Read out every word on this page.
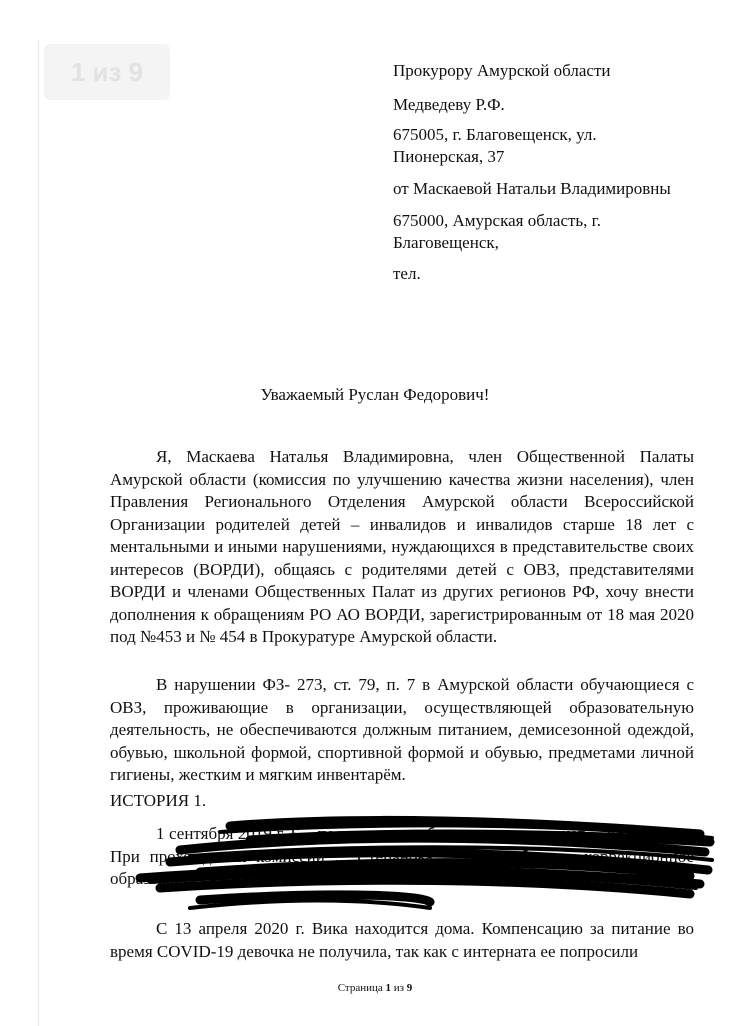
1 из 9	Прокурору Амурской области
Медведеву Р.Ф.
675005, г. Благовещенск, ул.
Пионерская, 37
от Маскаевой Натальи Владимировны
675000, Амурская область, г.
Благовещенск,
тел.
Уважаемый Руслан Федорович!

Я, Маскаева Наталья Владимировна, член Общественной Палаты Амурской области (комиссия по улучшению качества жизни населения), член Правления Регионального Отделения Амурской области Всероссийской Организации родителей детей – инвалидов и инвалидов старше 18 лет с ментальными и иными нарушениями, нуждающихся в представительстве своих интересов (ВОРДИ), общаясь с родителями детей с ОВЗ, представителями ВОРДИ и членами Общественных Палат из других регионов РФ, хочу внести дополнения к обращениям РО АО ВОРДИ, зарегистрированным от 18 мая 2020 под №453 и № 454 в Прокуратуре Амурской области.

В нарушении ФЗ- 273, ст. 79, п. 7 в Амурской области обучающиеся с ОВЗ, проживающие в организации, осуществляющей образовательную деятельность, не обеспечиваются должным питанием, демисезонной одеждой, обувью, школьной формой, спортивной формой и обувью, предметами личной гигиены, жестким и мягким инвентарём.

ИСТОРИЯ 1.

1 сентября 2019 г. Б... поступила на обучение в ... интернат ... г.Белогорск. При прохождении комиссии ... Степанова ... было обещано коррекционное образование.

С 13 апреля 2020 г. Вика находится дома. Компенсацию за питание во время COVID-19 девочка не получила, так как с интерната ее попросили

Страница 1 из 9
